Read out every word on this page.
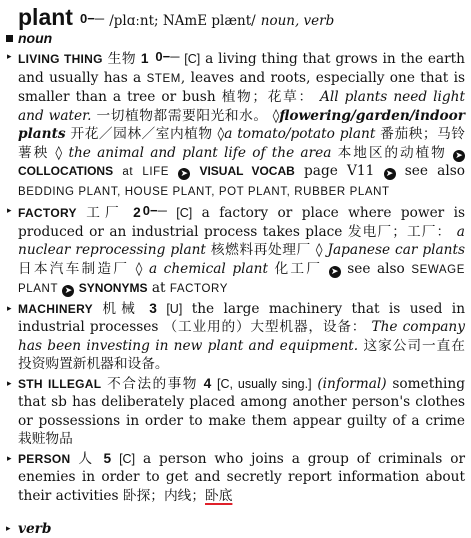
plant 0−─ /plɑːnt; NAmE plænt/ noun, verb
noun
▸ LIVING THING 生物 1 0−─ [C] a living thing that grows in the earth and usually has a STEM, leaves and roots, especially one that is smaller than a tree or bush 植物；花草： All plants need light and water. 一切植物都需要阳光和水。 ◊flowering/garden/indoor plants 开花／园林／室内植物 ◊a tomato/potato plant 番茄秧；马铃薯秧 ◊ the animal and plant life of the area 本地区的动植物 ➤ COLLOCATIONS at LIFE ➤ VISUAL VOCAB page V11 ➤ see also BEDDING PLANT, HOUSE PLANT, POT PLANT, RUBBER PLANT
▸ FACTORY 工厂 2 0−─ [C] a factory or place where power is produced or an industrial process takes place 发电厂；工厂： a nuclear reprocessing plant 核燃料再处理厂 ◊ Japanese car plants 日本汽车制造厂 ◊ a chemical plant 化工厂 ➤ see also SEWAGE PLANT ➤ SYNONYMS at FACTORY
▸ MACHINERY 机械 3 [U] the large machinery that is used in industrial processes （工业用的）大型机器，设备： The company has been investing in new plant and equipment. 这家公司一直在投资购置新机器和设备。
▸ STH ILLEGAL 不合法的事物 4 [C, usually sing.] (informal) something that sb has deliberately placed among another person's clothes or possessions in order to make them appear guilty of a crime 栽赃物品
▸ PERSON 人 5 [C] a person who joins a group of criminals or enemies in order to get and secretly report information about their activities 卧探；内线；卧底
▸ verb
